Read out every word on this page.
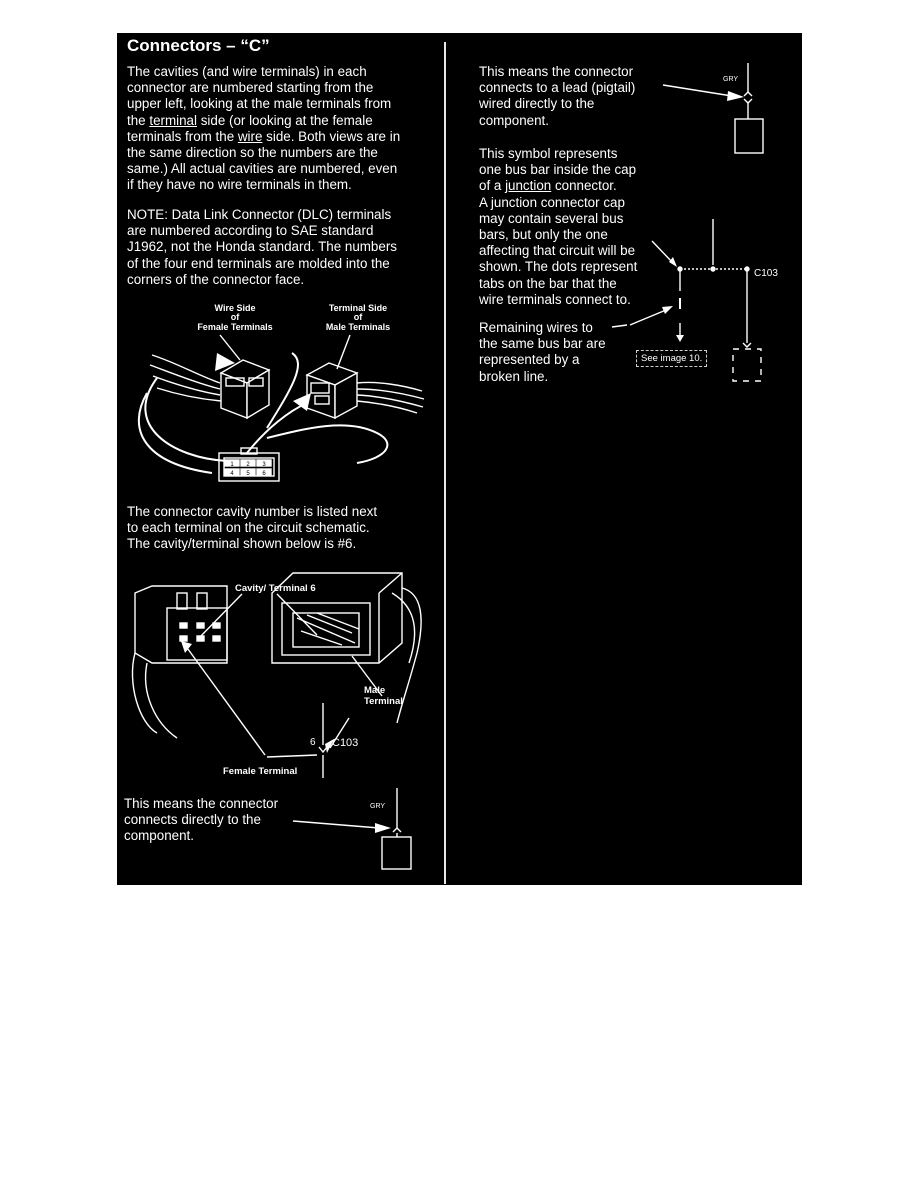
Connectors – “C”
The cavities (and wire terminals) in each
connector are numbered starting from the
upper left, looking at the male terminals from
the terminal side (or looking at the female
terminals from the wire side. Both views are in
the same direction so the numbers are the
same.) All actual cavities are numbered, even
if they have no wire terminals in them.
NOTE: Data Link Connector (DLC) terminals
are numbered according to SAE standard
J1962, not the Honda standard. The numbers
of the four end terminals are molded into the
corners of the connector face.
The connector cavity number is listed next
to each terminal on the circuit schematic.
The cavity/terminal shown below is #6.
This means the connector
connects directly to the
component.
This means the connector
connects to a lead (pigtail)
wired directly to the
component.
This symbol represents
one bus bar inside the cap
of a junction connector.
A junction connector cap
may contain several bus
bars, but only the one
affecting that circuit will be
shown. The dots represent
tabs on the bar that the
wire terminals connect to.
Remaining wires to
the same bus bar are
represented by a
broken line.
See image 10.
Wire Side
of
Female Terminals
Terminal Side
of
Male Terminals
1 2 3
4 5 6
Cavity/ Terminal 6
Male
Terminal
6 C103
Female Terminal
GRY
GRY
C103
